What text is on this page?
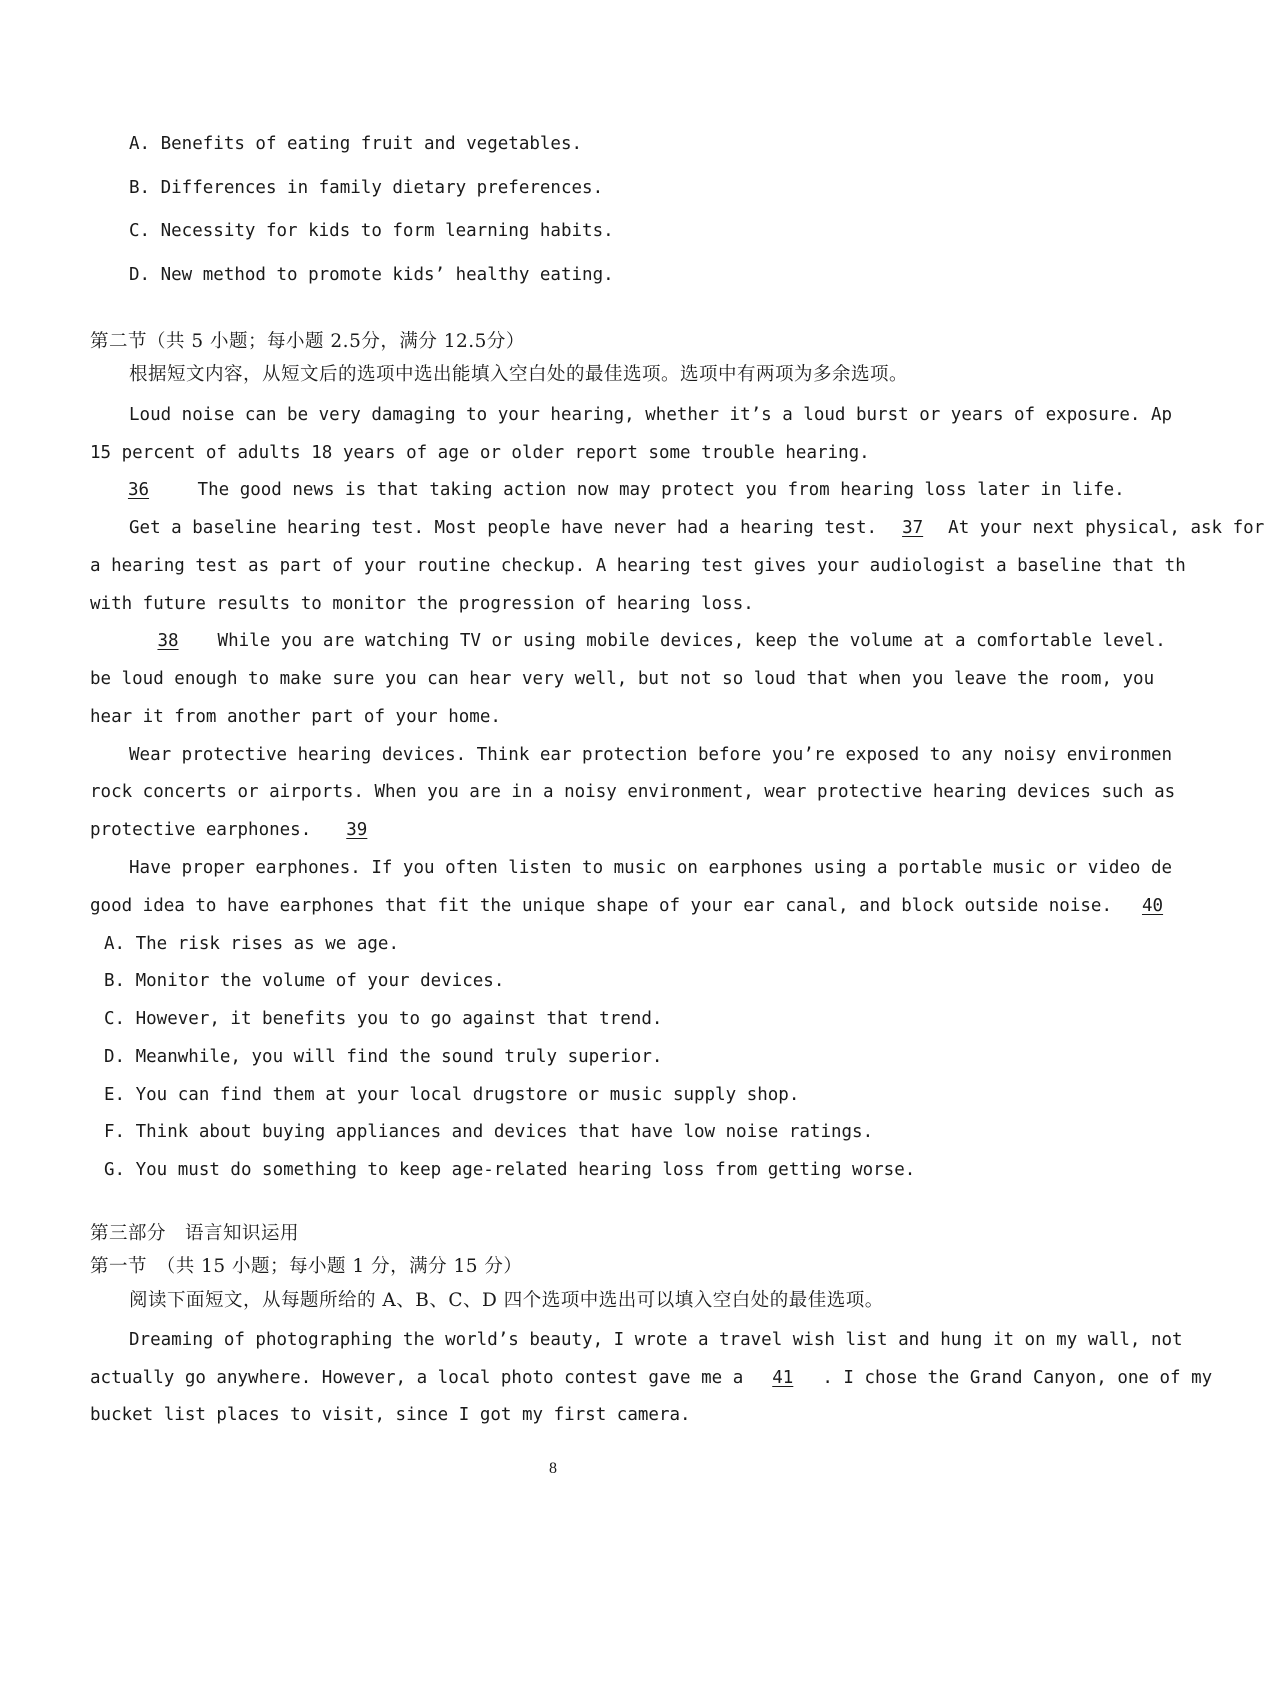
A. Benefits of eating fruit and vegetables.
B. Differences in family dietary preferences.
C. Necessity for kids to form learning habits.
D. New method to promote kids’ healthy eating.
第二节（共 5 小题；每小题 2.5分，满分 12.5分）
根据短文内容，从短文后的选项中选出能填入空白处的最佳选项。选项中有两项为多余选项。
Loud noise can be very damaging to your hearing, whether it’s a loud burst or years of exposure. Ap
15 percent of adults 18 years of age or older report some trouble hearing.
36	The good news is that taking action now may protect you from hearing loss later in life.
Get a baseline hearing test. Most people have never had a hearing test. 37 At your next physical, ask for
a hearing test as part of your routine checkup. A hearing test gives your audiologist a baseline that th
with future results to monitor the progression of hearing loss.
38 While you are watching TV or using mobile devices, keep the volume at a comfortable level.
be loud enough to make sure you can hear very well, but not so loud that when you leave the room, you
hear it from another part of your home.
Wear protective hearing devices. Think ear protection before you’re exposed to any noisy environmen
rock concerts or airports. When you are in a noisy environment, wear protective hearing devices such as
protective earphones. 39
Have proper earphones. If you often listen to music on earphones using a portable music or video de
good idea to have earphones that fit the unique shape of your ear canal, and block outside noise. 40
A. The risk rises as we age.
B. Monitor the volume of your devices.
C. However, it benefits you to go against that trend.
D. Meanwhile, you will find the sound truly superior.
E. You can find them at your local drugstore or music supply shop.
F. Think about buying appliances and devices that have low noise ratings.
G. You must do something to keep age-related hearing loss from getting worse.
第三部分　语言知识运用
第一节　（共 15 小题；每小题 1 分，满分 15 分）
阅读下面短文，从每题所给的 A、B、C、D 四个选项中选出可以填入空白处的最佳选项。
Dreaming of photographing the world’s beauty, I wrote a travel wish list and hung it on my wall, not
actually go anywhere. However, a local photo contest gave me a 41 . I chose the Grand Canyon, one of my
bucket list places to visit, since I got my first camera.
8
